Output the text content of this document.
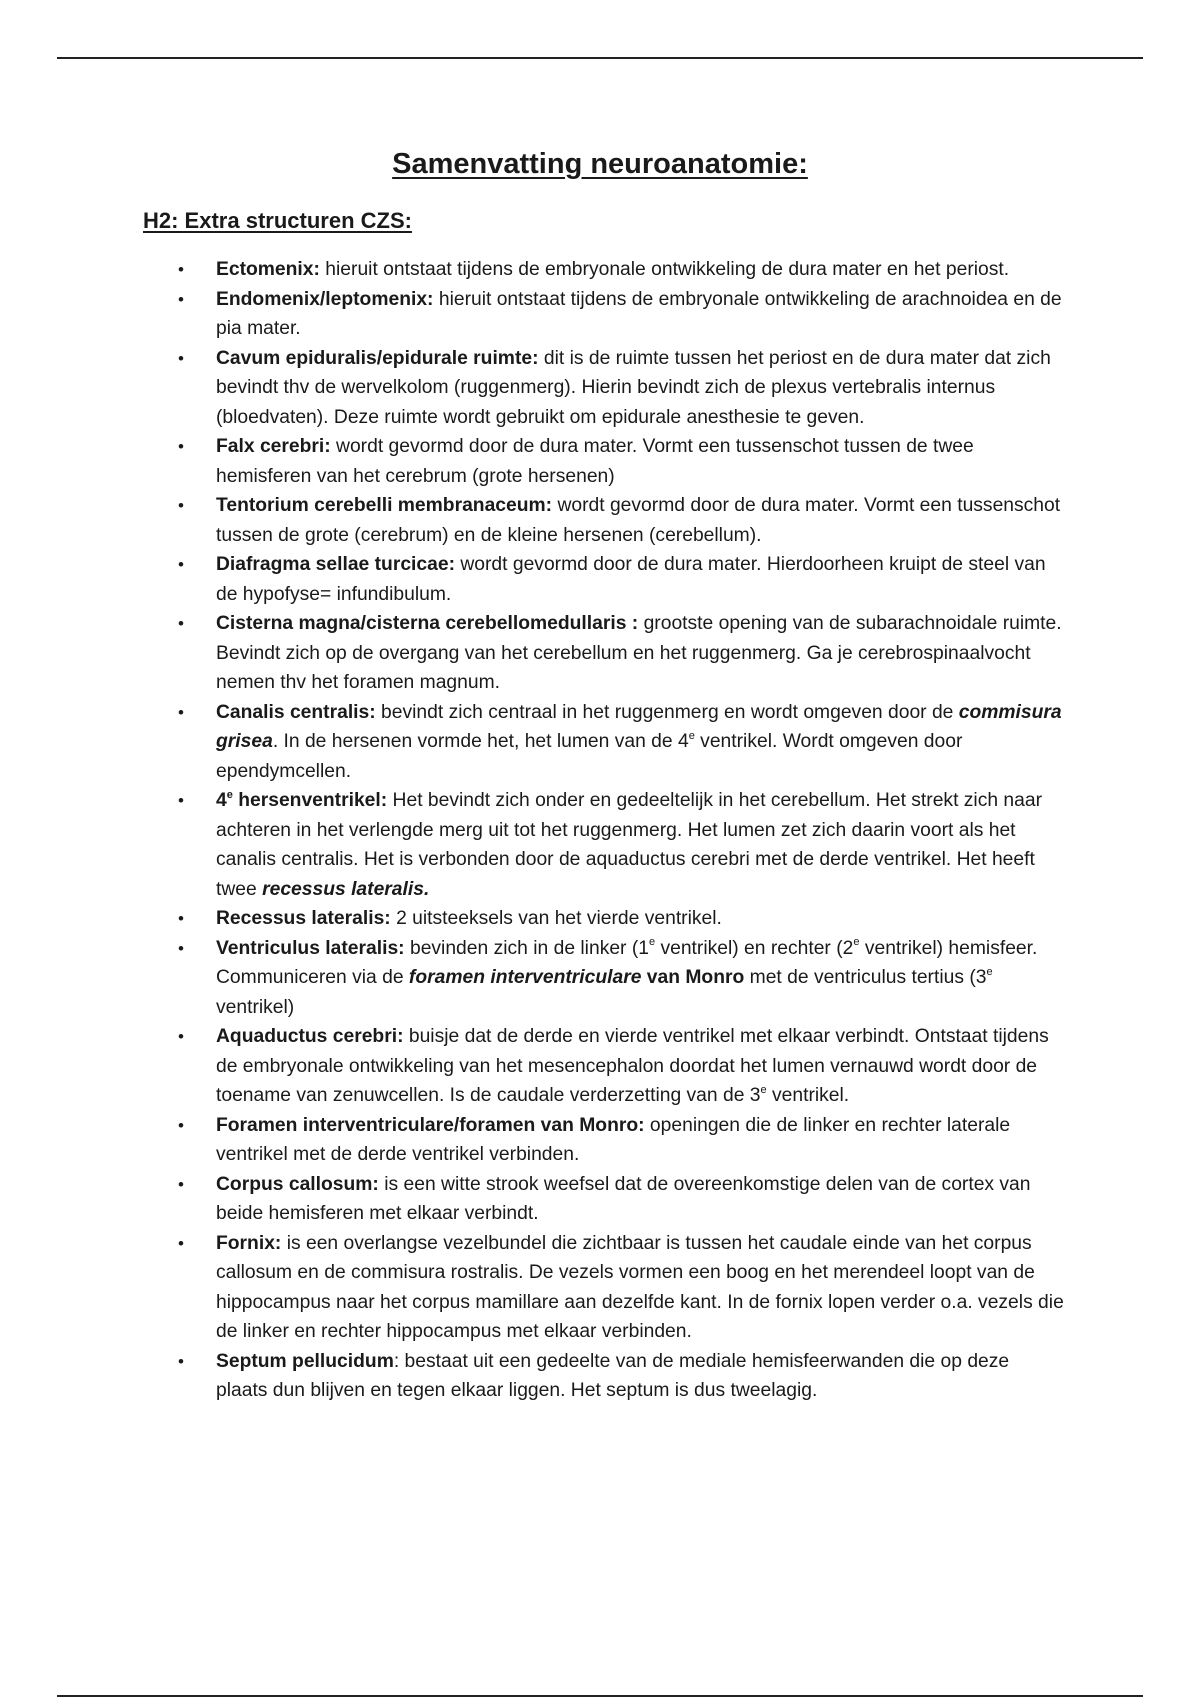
Samenvatting neuroanatomie:
H2: Extra structuren CZS:
• Ectomenix: hieruit ontstaat tijdens de embryonale ontwikkeling de dura mater en het periost.
• Endomenix/leptomenix: hieruit ontstaat tijdens de embryonale ontwikkeling de arachnoidea en de pia mater.
• Cavum epiduralis/epidurale ruimte: dit is de ruimte tussen het periost en de dura mater dat zich bevindt thv de wervelkolom (ruggenmerg). Hierin bevindt zich de plexus vertebralis internus (bloedvaten). Deze ruimte wordt gebruikt om epidurale anesthesie te geven.
• Falx cerebri: wordt gevormd door de dura mater. Vormt een tussenschot tussen de twee hemisferen van het cerebrum (grote hersenen)
• Tentorium cerebelli membranaceum: wordt gevormd door de dura mater. Vormt een tussenschot tussen de grote (cerebrum) en de kleine hersenen (cerebellum).
• Diafragma sellae turcicae: wordt gevormd door de dura mater. Hierdoorheen kruipt de steel van de hypofyse= infundibulum.
• Cisterna magna/cisterna cerebellomedullaris : grootste opening van de subarachnoidale ruimte. Bevindt zich op de overgang van het cerebellum en het ruggenmerg. Ga je cerebrospinaalvocht nemen thv het foramen magnum.
• Canalis centralis: bevindt zich centraal in het ruggenmerg en wordt omgeven door de commisura grisea. In de hersenen vormde het, het lumen van de 4e ventrikel. Wordt omgeven door ependymcellen.
• 4e hersenventrikel: Het bevindt zich onder en gedeeltelijk in het cerebellum. Het strekt zich naar achteren in het verlengde merg uit tot het ruggenmerg. Het lumen zet zich daarin voort als het canalis centralis. Het is verbonden door de aquaductus cerebri met de derde ventrikel. Het heeft twee recessus lateralis.
• Recessus lateralis: 2 uitsteeksels van het vierde ventrikel.
• Ventriculus lateralis: bevinden zich in de linker (1e ventrikel) en rechter (2e ventrikel) hemisfeer. Communiceren via de foramen interventriculare van Monro met de ventriculus tertius (3e ventrikel)
• Aquaductus cerebri: buisje dat de derde en vierde ventrikel met elkaar verbindt. Ontstaat tijdens de embryonale ontwikkeling van het mesencephalon doordat het lumen vernauwd wordt door de toename van zenuwcellen. Is de caudale verderzetting van de 3e ventrikel.
• Foramen interventriculare/foramen van Monro: openingen die de linker en rechter laterale ventrikel met de derde ventrikel verbinden.
• Corpus callosum: is een witte strook weefsel dat de overeenkomstige delen van de cortex van beide hemisferen met elkaar verbindt.
• Fornix: is een overlangse vezelbundel die zichtbaar is tussen het caudale einde van het corpus callosum en de commisura rostralis. De vezels vormen een boog en het merendeel loopt van de hippocampus naar het corpus mamillare aan dezelfde kant. In de fornix lopen verder o.a. vezels die de linker en rechter hippocampus met elkaar verbinden.
• Septum pellucidum: bestaat uit een gedeelte van de mediale hemisfeerwanden die op deze plaats dun blijven en tegen elkaar liggen. Het septum is dus tweelagig.
